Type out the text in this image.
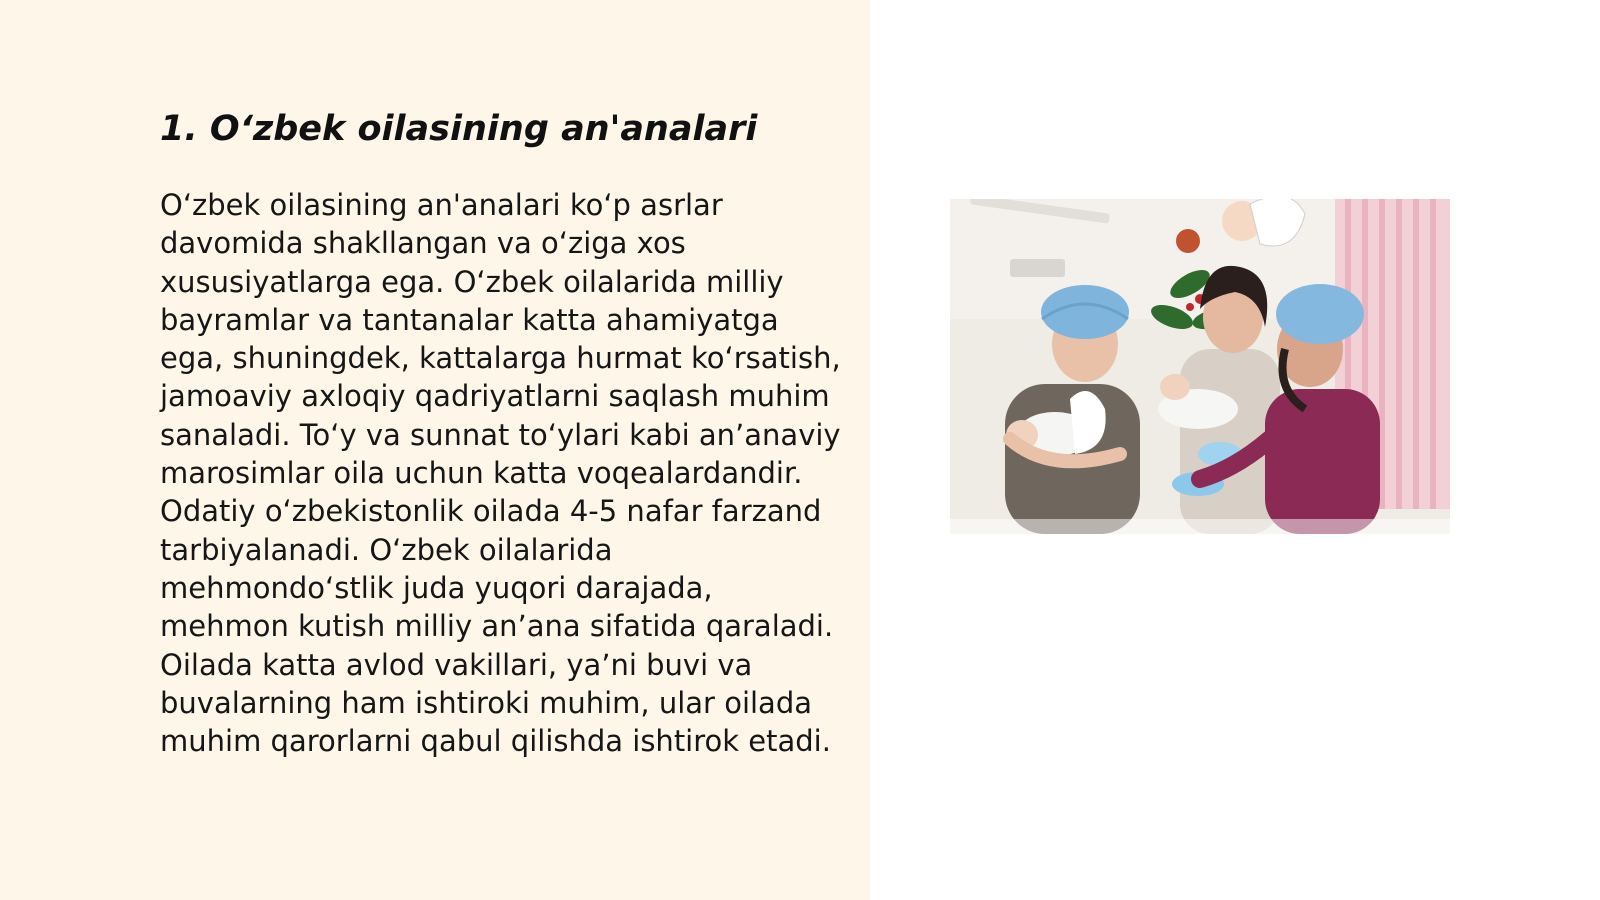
1. O‘zbek oilasining an'analari

O‘zbek oilasining an'analari ko‘p asrlar davomida shakllangan va o‘ziga xos xususiyatlarga ega. O‘zbek oilalarida milliy bayramlar va tantanalar katta ahamiyatga ega, shuningdek, kattalarga hurmat ko‘rsatish, jamoaviy axloqiy qadriyatlarni saqlash muhim sanaladi. To‘y va sunnat to‘ylari kabi an’anaviy marosimlar oila uchun katta voqealardandir. Odatiy o‘zbekistonlik oilada 4-5 nafar farzand tarbiyalanadi. O‘zbek oilalarida mehmondo‘stlik juda yuqori darajada, mehmon kutish milliy an’ana sifatida qaraladi. Oilada katta avlod vakillari, ya’ni buvi va buvalarning ham ishtiroki muhim, ular oilada muhim qarorlarni qabul qilishda ishtirok etadi.
